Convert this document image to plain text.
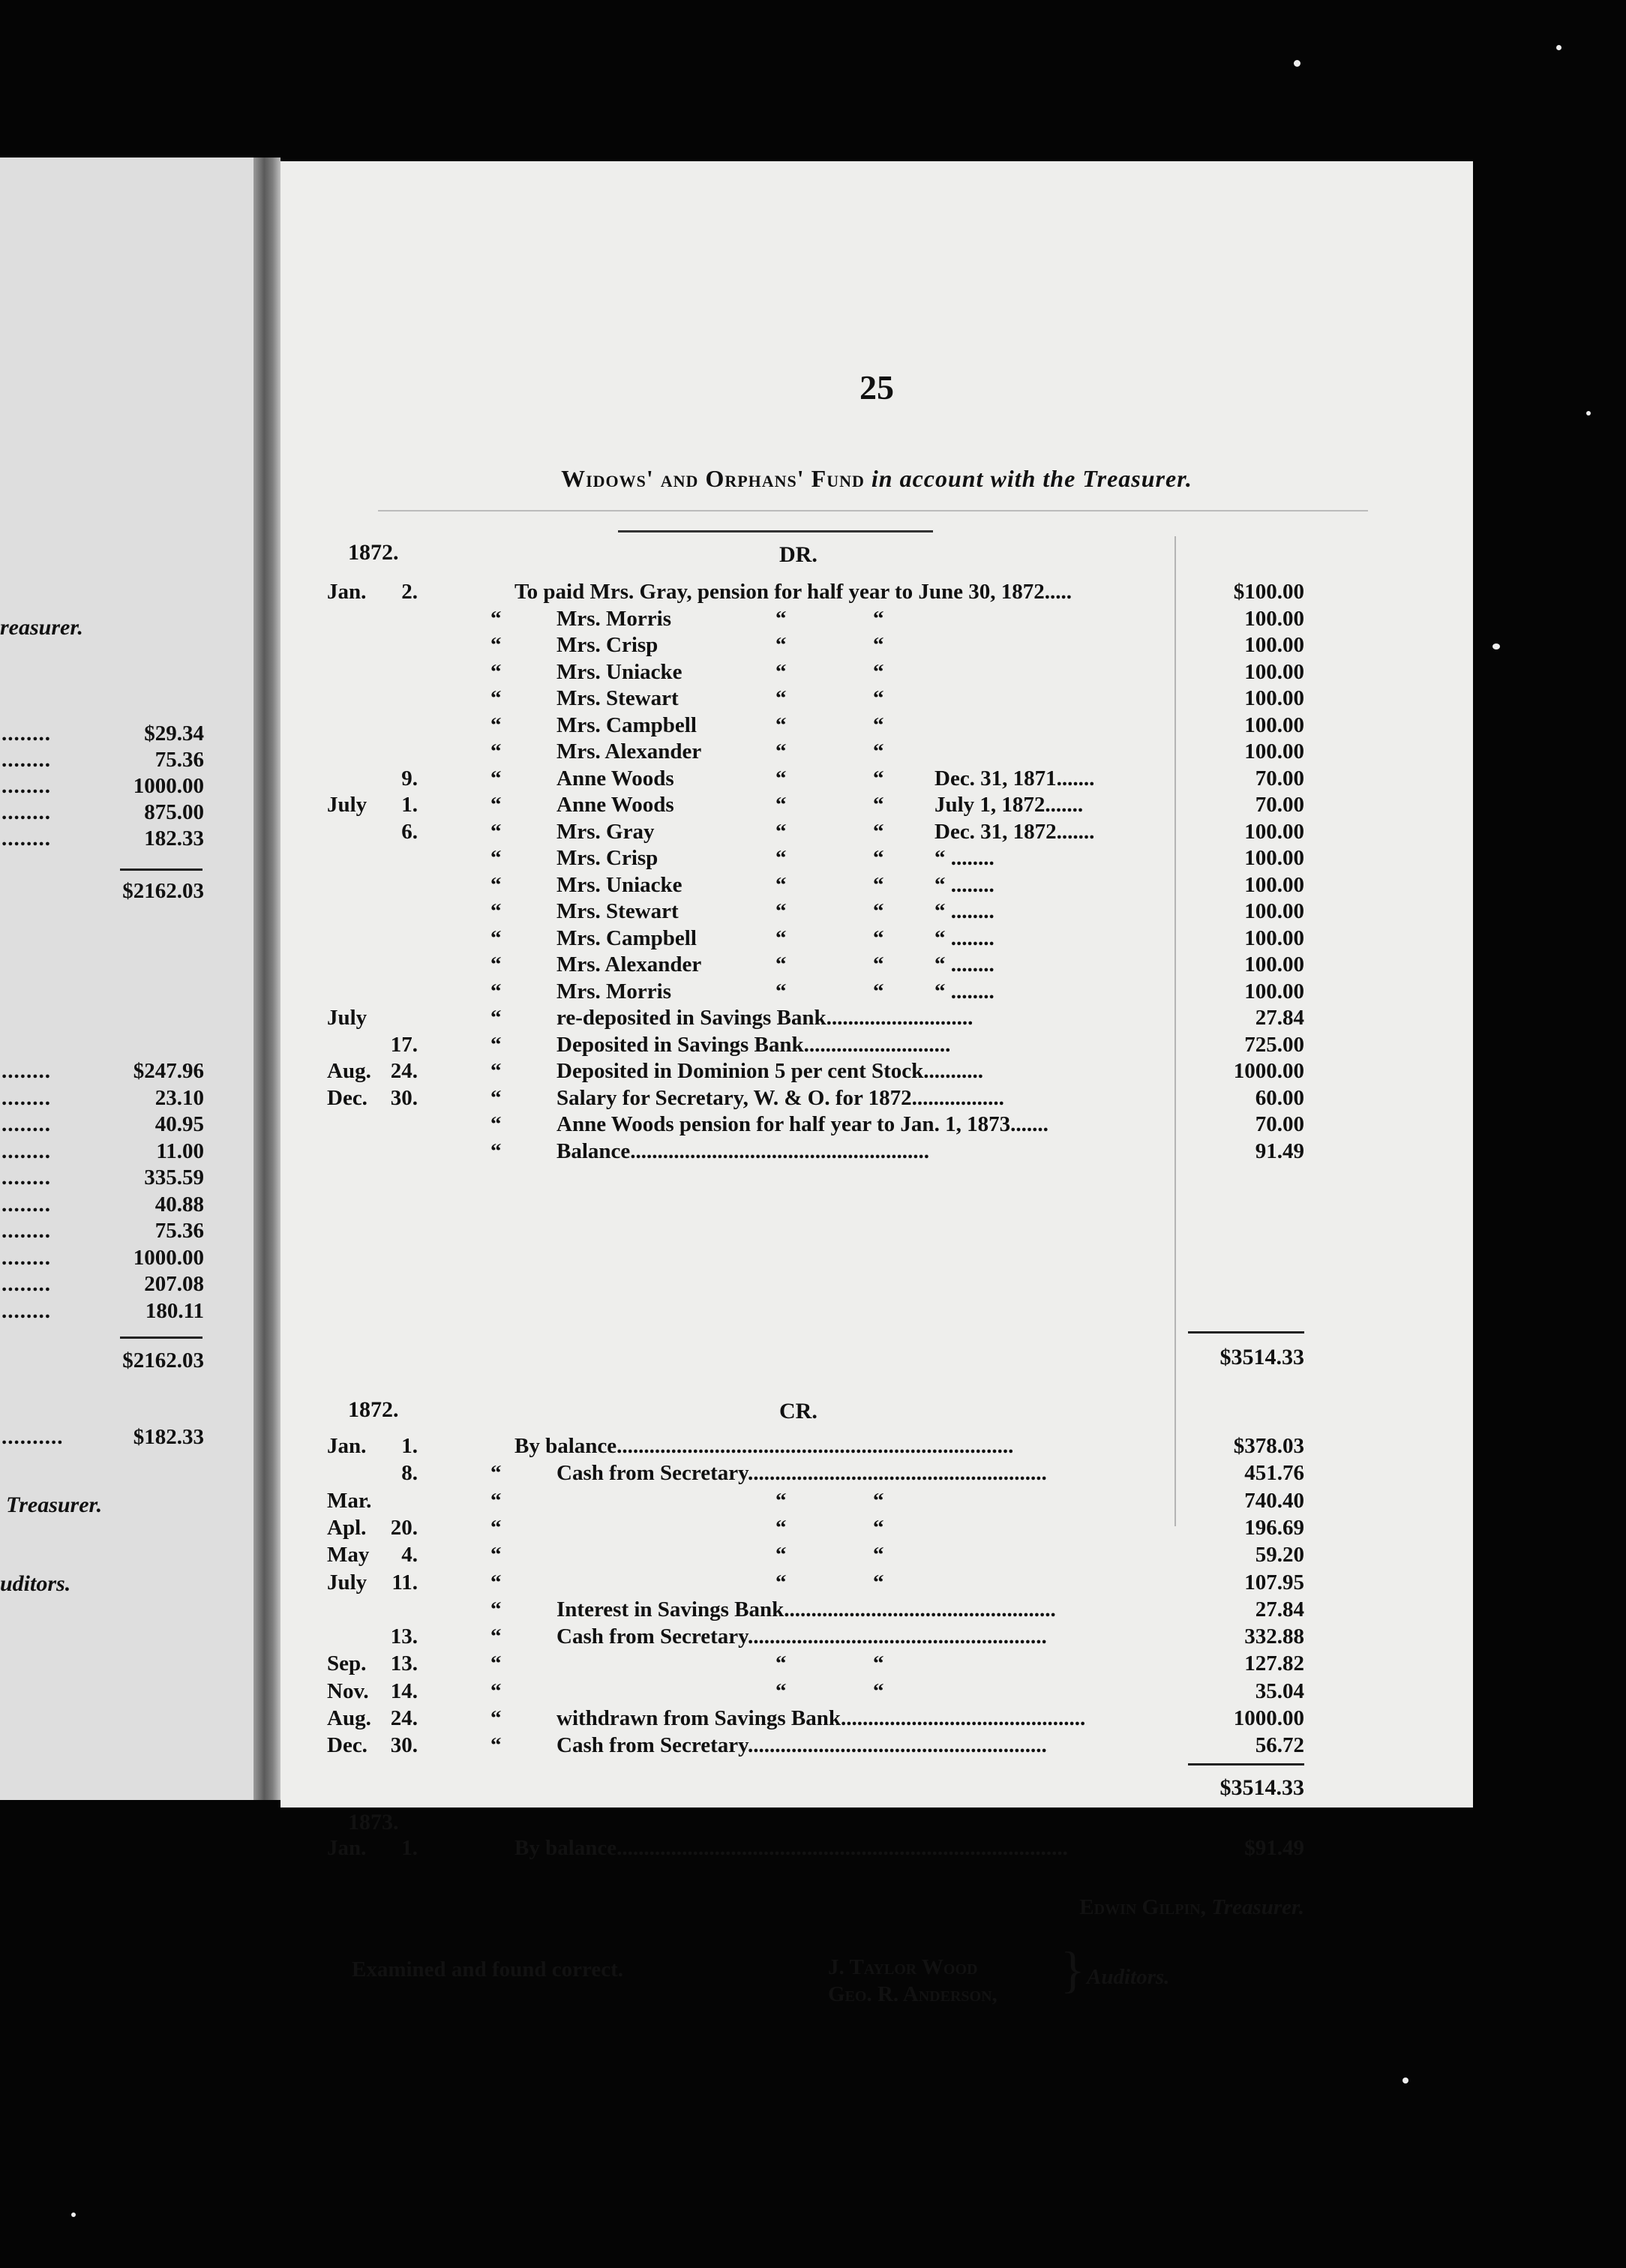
reasurer.
........	$29.34
........	75.36
........	1000.00
........	875.00
........	182.33
$2162.03
........	$247.96
........	23.10
........	40.95
........	11.00
........	335.59
........	40.88
........	75.36
........	1000.00
........	207.08
........	180.11
$2162.03
..........	$182.33
Treasurer.
uditors.
25
Widows' and Orphans' Fund in account with the Treasurer.
1872.	DR.
Jan.	2.	To paid Mrs. Gray, pension for half year to June 30, 1872.....	$100.00
“	Mrs. Morris	“	“	100.00
“	Mrs. Crisp	“	“	100.00
“	Mrs. Uniacke	“	“	100.00
“	Mrs. Stewart	“	“	100.00
“	Mrs. Campbell	“	“	100.00
“	Mrs. Alexander	“	“	100.00
9.	“	Anne Woods	“	“ Dec. 31, 1871.......	70.00
July	1.	“	Anne Woods	“	“ July 1, 1872.......	70.00
6.	“	Mrs. Gray	“	“ Dec. 31, 1872.......	100.00
“	Mrs. Crisp	“	“ “ ........	100.00
“	Mrs. Uniacke	“	“ “ ........	100.00
“	Mrs. Stewart	“	“ “ ........	100.00
“	Mrs. Campbell	“	“ “ ........	100.00
“	Mrs. Alexander	“	“ “ ........	100.00
“	Mrs. Morris	“	“ “ ........	100.00
July	“	re-deposited in Savings Bank...........................	27.84
17.	“	Deposited in Savings Bank...........................	725.00
Aug. 24.	“	Deposited in Dominion 5 per cent Stock...........	1000.00
Dec.	30.	“	Salary for Secretary, W. & O. for 1872.................	60.00
“	Anne Woods pension for half year to Jan. 1, 1873.......	70.00
“	Balance.......................................................	91.49
$3514.33
1872.	CR.
Jan.	1.	By balance.........................................................................	$378.03
8.	“	Cash from Secretary.......................................................	451.76
Mar.	“	“	“	740.40
Apl.	20.	“	“	“	196.69
May	4.	“	“	“	59.20
July	11.	“	“	“	107.95
“	Interest in Savings Bank..................................................	27.84
13.	“	Cash from Secretary.......................................................	332.88
Sep.	13.	“	“	“	127.82
Nov.	14.	“	“	“	35.04
Aug. 24.	“	withdrawn from Savings Bank.............................................	1000.00
Dec.	30.	“	Cash from Secretary.......................................................	56.72
$3514.33
1873.
Jan.	1.	By balance...................................................................................	$91.49
Edwin Gilpin, Treasurer.
Examined and found correct.	J. Taylor Wood
Geo. R. Anderson, } Auditors.
